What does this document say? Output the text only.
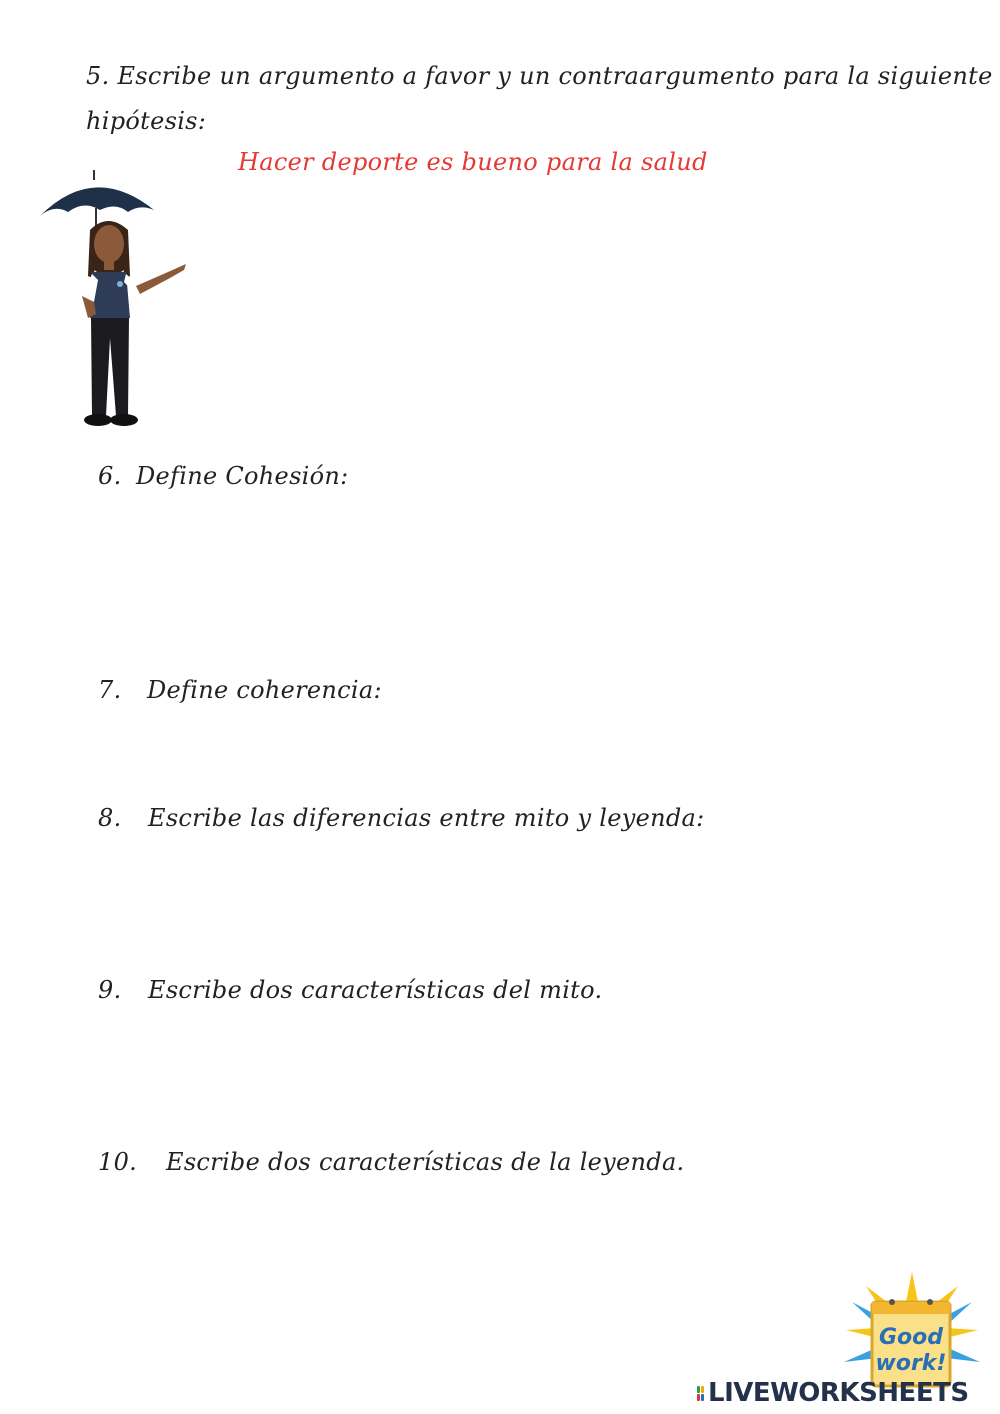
5. Escribe un argumento a favor y un contraargumento para la siguiente
hipótesis:
Hacer deporte es bueno para la salud
6. Define Cohesión:
7. Define coherencia:
8. Escribe las diferencias entre mito y leyenda:
9. Escribe dos características del mito.
10. Escribe dos características de la leyenda.
Good
work!
LIVEWORKSHEETS
